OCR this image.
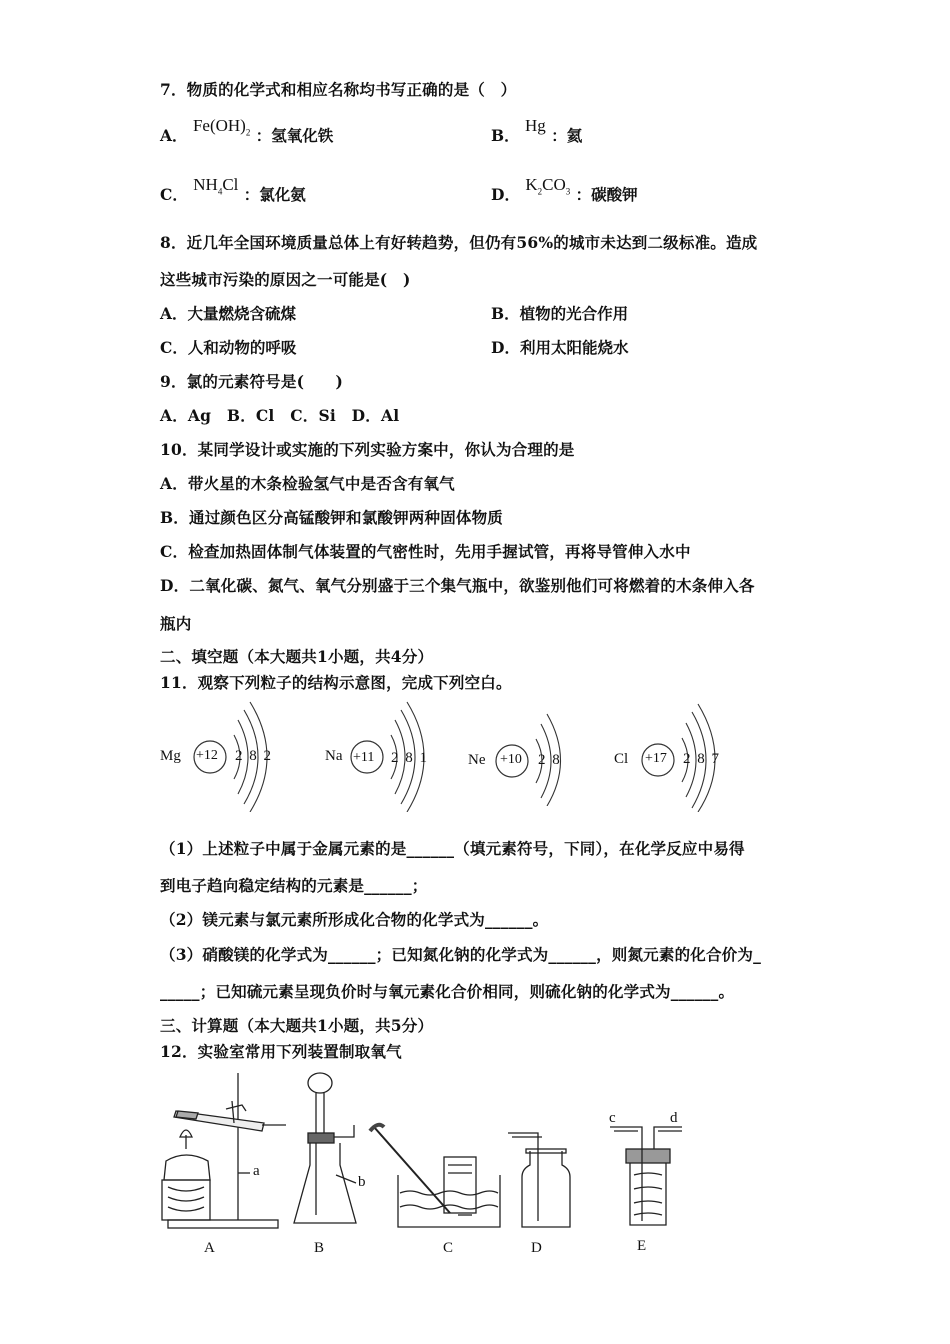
7．物质的化学式和相应名称均书写正确的是（　）
A． $Fe(OH)_2$ ：氢氧化铁	B． Hg ：氦
C． $NH_4Cl$ ：氯化氨	D． $K_2CO_3$ ：碳酸钾
8．近几年全国环境质量总体上有好转趋势，但仍有56%的城市未达到二级标准。造成
这些城市污染的原因之一可能是(　)
A．大量燃烧含硫煤	B．植物的光合作用
C．人和动物的呼吸	D．利用太阳能烧水
9．氯的元素符号是(　　)
A．Ag　B．Cl　C．Si　D．Al
10．某同学设计或实施的下列实验方案中，你认为合理的是
A．带火星的木条检验氢气中是否含有氧气
B．通过颜色区分高锰酸钾和氯酸钾两种固体物质
C．检查加热固体制气体装置的气密性时，先用手握试管，再将导管伸入水中
D．二氧化碳、氮气、氧气分别盛于三个集气瓶中，欲鉴别他们可将燃着的木条伸入各
瓶内
二、填空题（本大题共1小题，共4分）
11．观察下列粒子的结构示意图，完成下列空白。
Mg +12 2 8 2	Na +11 2 8 1	Ne +10 2 8	Cl +17 2 8 7
（1）上述粒子中属于金属元素的是______（填元素符号，下同），在化学反应中易得
到电子趋向稳定结构的元素是______；
（2）镁元素与氯元素所形成化合物的化学式为______。
（3）硝酸镁的化学式为______；已知氮化钠的化学式为______，则氮元素的化合价为_
_____；已知硫元素呈现负价时与氧元素化合价相同，则硫化钠的化学式为______。
三、计算题（本大题共1小题，共5分）
12．实验室常用下列装置制取氧气
a
b
c	d
A	B	C	D	E
